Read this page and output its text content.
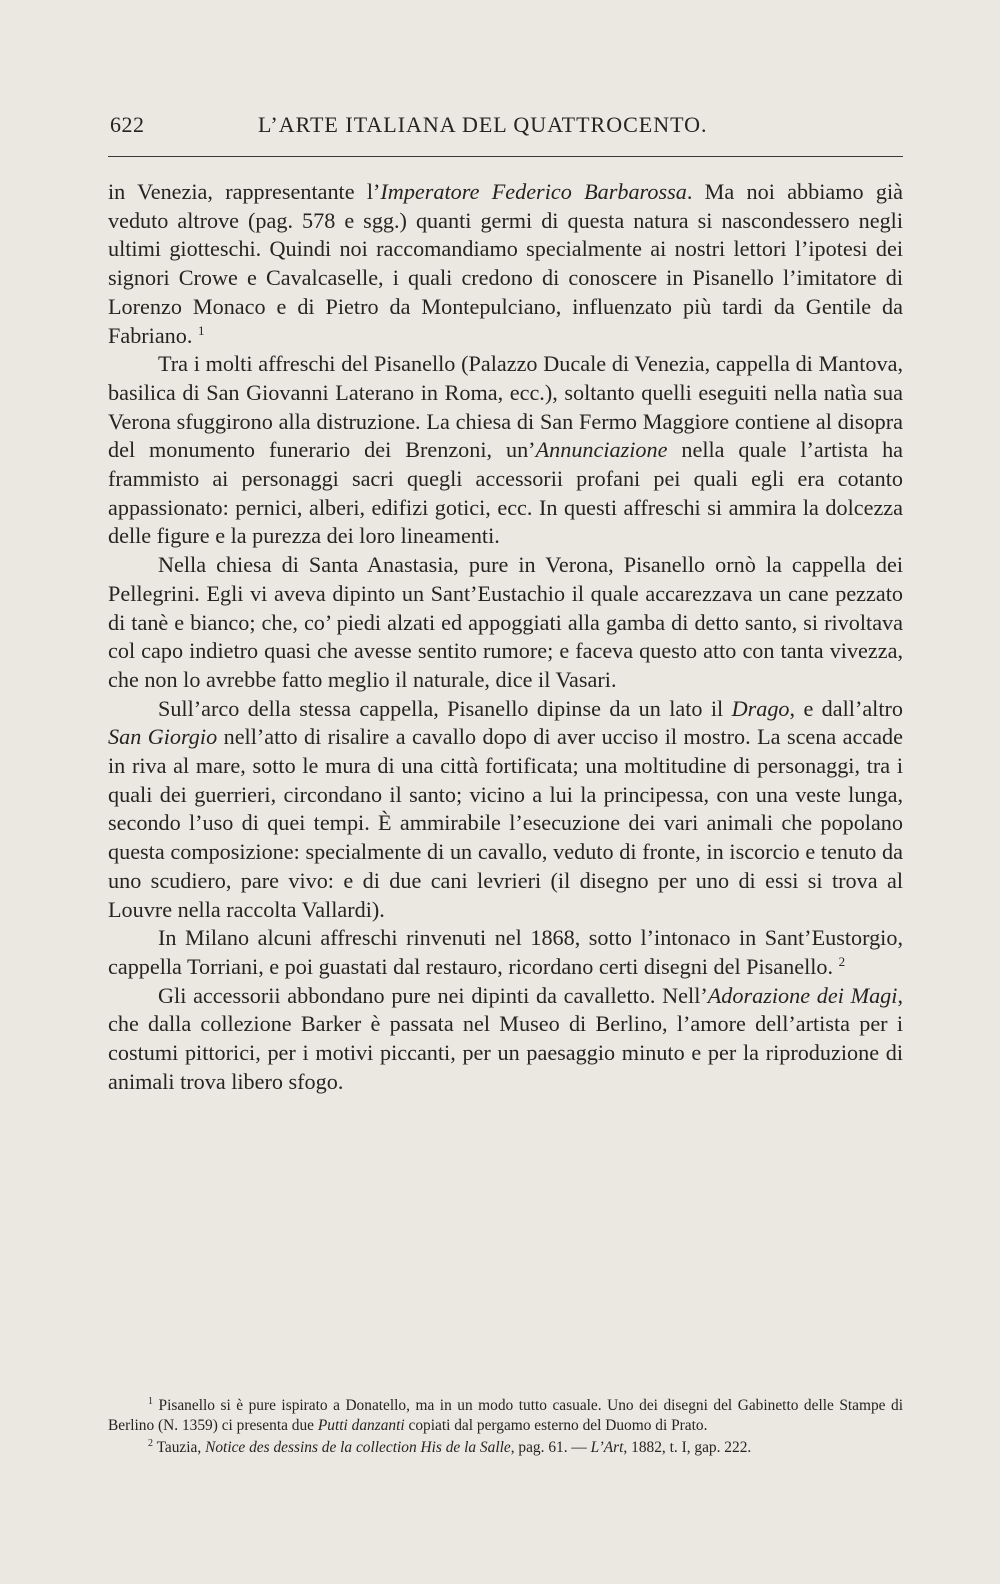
622	L’ARTE ITALIANA DEL QUATTROCENTO.

in Venezia, rappresentante l’Imperatore Federico Barbarossa. Ma noi abbiamo già veduto altrove (pag. 578 e sgg.) quanti germi di questa natura si nascondessero negli ultimi giotteschi. Quindi noi raccomandiamo specialmente ai nostri lettori l’ipotesi dei signori Crowe e Cavalcaselle, i quali credono di conoscere in Pisanello l’imitatore di Lorenzo Monaco e di Pietro da Montepulciano, influenzato più tardi da Gentile da Fabriano. $^1$

Tra i molti affreschi del Pisanello (Palazzo Ducale di Venezia, cappella di Mantova, basilica di San Giovanni Laterano in Roma, ecc.), soltanto quelli eseguiti nella natìa sua Verona sfuggirono alla distruzione. La chiesa di San Fermo Maggiore contiene al disopra del monumento funerario dei Brenzoni, un’Annunciazione nella quale l’artista ha frammisto ai personaggi sacri quegli accessorii profani pei quali egli era cotanto appassionato: pernici, alberi, edifizi gotici, ecc. In questi affreschi si ammira la dolcezza delle figure e la purezza dei loro lineamenti.

Nella chiesa di Santa Anastasia, pure in Verona, Pisanello ornò la cappella dei Pellegrini. Egli vi aveva dipinto un Sant’Eustachio il quale accarezzava un cane pezzato di tanè e bianco; che, co’ piedi alzati ed appoggiati alla gamba di detto santo, si rivoltava col capo indietro quasi che avesse sentito rumore; e faceva questo atto con tanta vivezza, che non lo avrebbe fatto meglio il naturale, dice il Vasari.

Sull’arco della stessa cappella, Pisanello dipinse da un lato il Drago, e dall’altro San Giorgio nell’atto di risalire a cavallo dopo di aver ucciso il mostro. La scena accade in riva al mare, sotto le mura di una città fortificata; una moltitudine di personaggi, tra i quali dei guerrieri, circondano il santo; vicino a lui la principessa, con una veste lunga, secondo l’uso di quei tempi. È ammirabile l’esecuzione dei vari animali che popolano questa composizione: specialmente di un cavallo, veduto di fronte, in iscorcio e tenuto da uno scudiero, pare vivo: e di due cani levrieri (il disegno per uno di essi si trova al Louvre nella raccolta Vallardi).

In Milano alcuni affreschi rinvenuti nel 1868, sotto l’intonaco in Sant’Eustorgio, cappella Torriani, e poi guastati dal restauro, ricordano certi disegni del Pisanello. $^2$

Gli accessorii abbondano pure nei dipinti da cavalletto. Nell’Adorazione dei Magi, che dalla collezione Barker è passata nel Museo di Berlino, l’amore dell’artista per i costumi pittorici, per i motivi piccanti, per un paesaggio minuto e per la riproduzione di animali trova libero sfogo.

$^1$ Pisanello si è pure ispirato a Donatello, ma in un modo tutto casuale. Uno dei disegni del Gabinetto delle Stampe di Berlino (N. 1359) ci presenta due Putti danzanti copiati dal pergamo esterno del Duomo di Prato.

$^2$ Tauzia, Notice des dessins de la collection His de la Salle, pag. 61. — L’Art, 1882, t. I, gap. 222.
